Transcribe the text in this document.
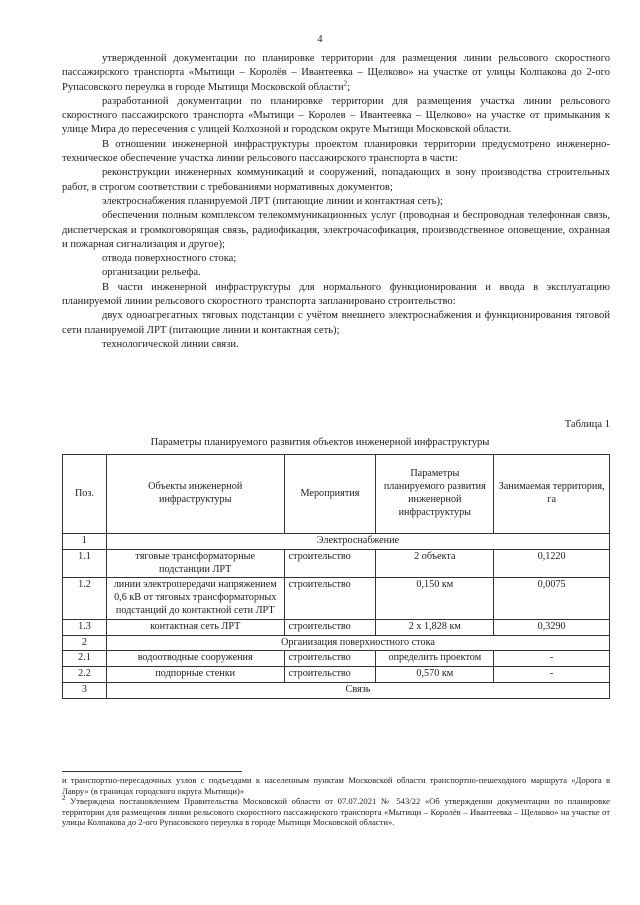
4

утвержденной документации по планировке территории для размещения линии рельсового скоростного пассажирского транспорта «Мытищи – Королёв – Ивантеевка – Щелково» на участке от улицы Колпакова до 2-ого Рупасовского переулка в городе Мытищи Московской области$^2$;

разработанной документации по планировке территории для размещения участка линии рельсового скоростного пассажирского транспорта «Мытищи – Королев – Ивантеевка – Щелково» на участке от примыкания к улице Мира до пересечения с улицей Колхозной и городском округе Мытищи Московской области.

В отношении инженерной инфраструктуры проектом планировки территории предусмотрено инженерно-техническое обеспечение участка линии рельсового пассажирского транспорта в части:

реконструкции инженерных коммуникаций и сооружений, попадающих в зону производства строительных работ, в строгом соответствии с требованиями нормативных документов;

электроснабжения планируемой ЛРТ (питающие линии и контактная сеть);

обеспечения полным комплексом телекоммуникационных услуг (проводная и беспроводная телефонная связь, диспетчерская и громкоговорящая связь, радиофикация, электрочасофикация, производственное оповещение, охранная и пожарная сигнализация и другое);

отвода поверхностного стока;

организации рельефа.

В части инженерной инфраструктуры для нормального функционирования и ввода в эксплуатацию планируемой линии рельсового скоростного транспорта запланировано строительство:

двух одноагрегатных тяговых подстанции с учётом внешнего электроснабжения и функционирования тяговой сети планируемой ЛРТ (питающие линии и контактная сеть);

технологической линии связи.

Таблица 1
Параметры планируемого развития объектов инженерной инфраструктуры
Поз.	Объекты инженерной инфраструктуры	Мероприятия	Параметры планируемого развития инженерной инфраструктуры	Занимаемая территория, га
1	Электроснабжение			
1.1	тяговые трансформаторные подстанции ЛРТ	строительство	2 объекта	0,1220
1.2	линии электропередачи напряжением 0,6 кВ от тяговых трансформаторных подстанций до контактной сети ЛРТ	строительство	0,150 км	0,0075
1.3	контактная сеть ЛРТ	строительство	2 х 1,828 км	0,3290
2	Организация поверхностного стока			
2.1	водоотводные сооружения	строительство	определить проектом	-
2.2	подпорные стенки	строительство	0,570 км	-
3	Связь			

и транспортно-пересадочных узлов с подъездами к населенным пунктам Московской области транспортно-пешеходного маршрута «Дорога в Лавру» (в границах городского округа Мытищи)»

$^2$ Утверждена постановлением Правительства Московской области от 07.07.2021 № 543/22 «Об утверждении документации по планировке территории для размещения линии рельсового скоростного пассажирского транспорта «Мытищи – Королёв – Ивантеевка – Щелково» на участке от улицы Колпакова до 2-ого Рупасовского переулка в городе Мытищи Московской области».
